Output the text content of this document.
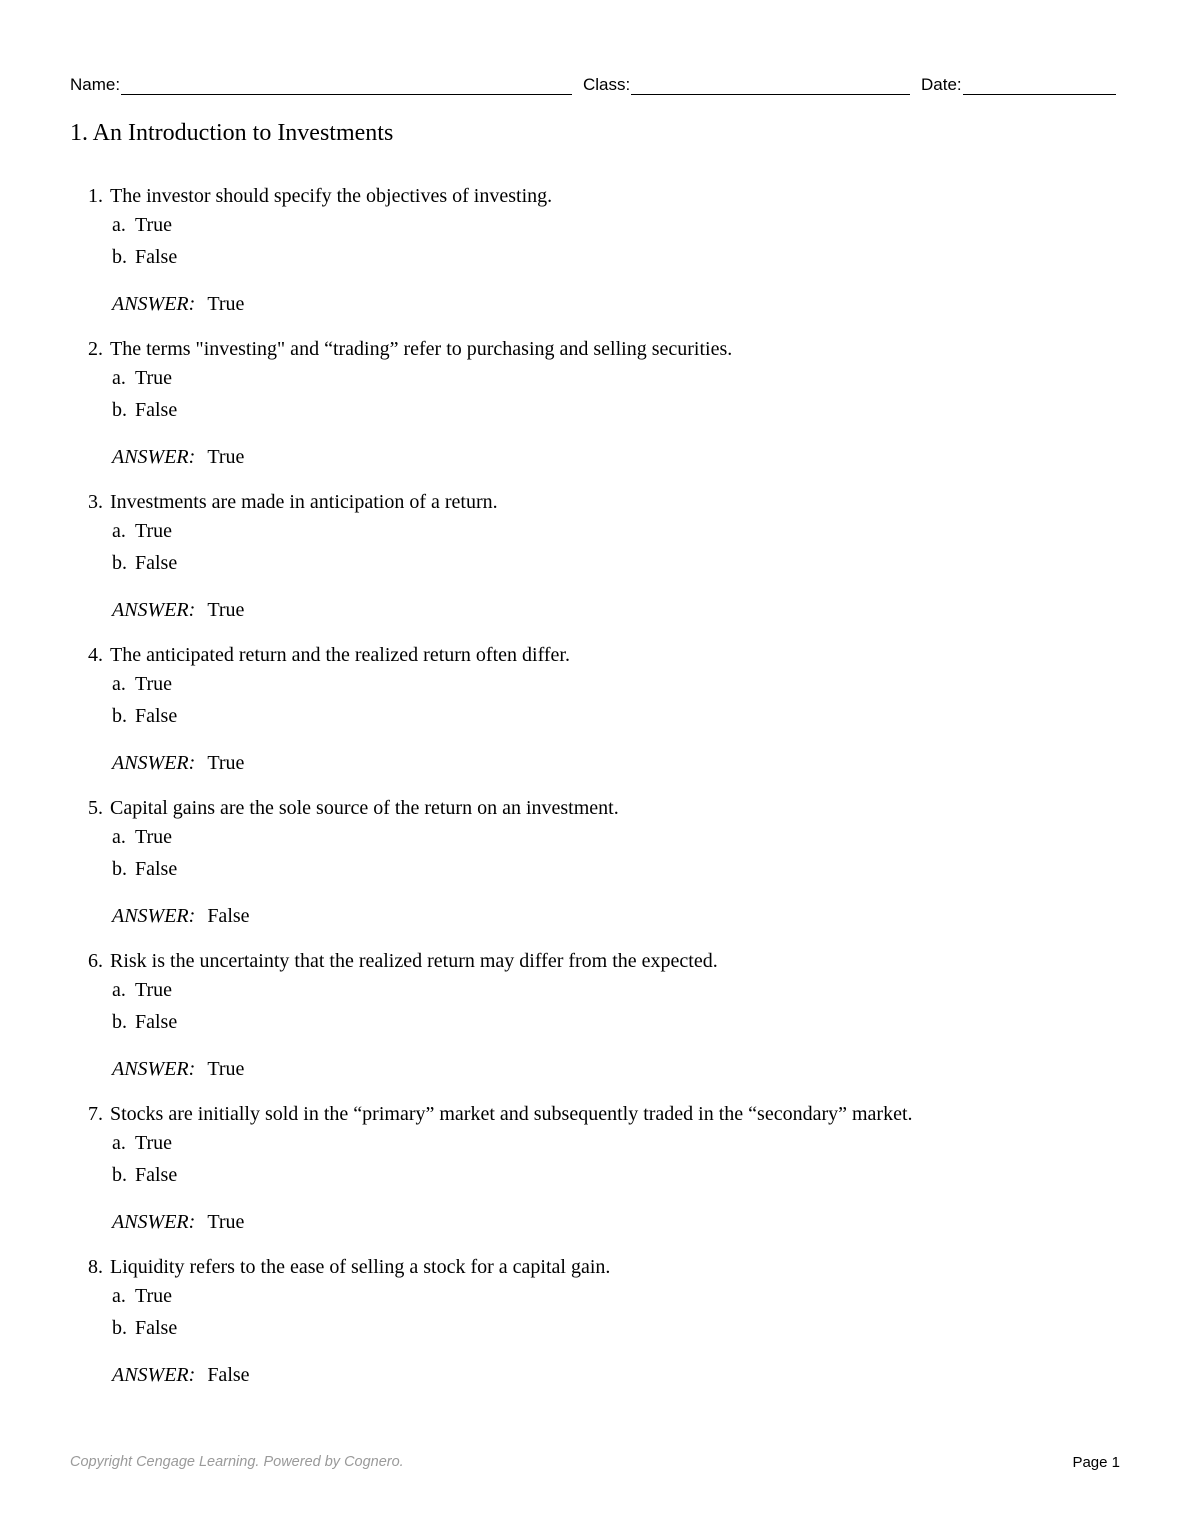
Name:	Class:	Date:
1. An Introduction to Investments
1. The investor should specify the objectives of investing.
a. True
b. False
ANSWER: True
2. The terms "investing" and “trading” refer to purchasing and selling securities.
a. True
b. False
ANSWER: True
3. Investments are made in anticipation of a return.
a. True
b. False
ANSWER: True
4. The anticipated return and the realized return often differ.
a. True
b. False
ANSWER: True
5. Capital gains are the sole source of the return on an investment.
a. True
b. False
ANSWER: False
6. Risk is the uncertainty that the realized return may differ from the expected.
a. True
b. False
ANSWER: True
7. Stocks are initially sold in the “primary” market and subsequently traded in the “secondary” market.
a. True
b. False
ANSWER: True
8. Liquidity refers to the ease of selling a stock for a capital gain.
a. True
b. False
ANSWER: False
Copyright Cengage Learning. Powered by Cognero.	Page 1
